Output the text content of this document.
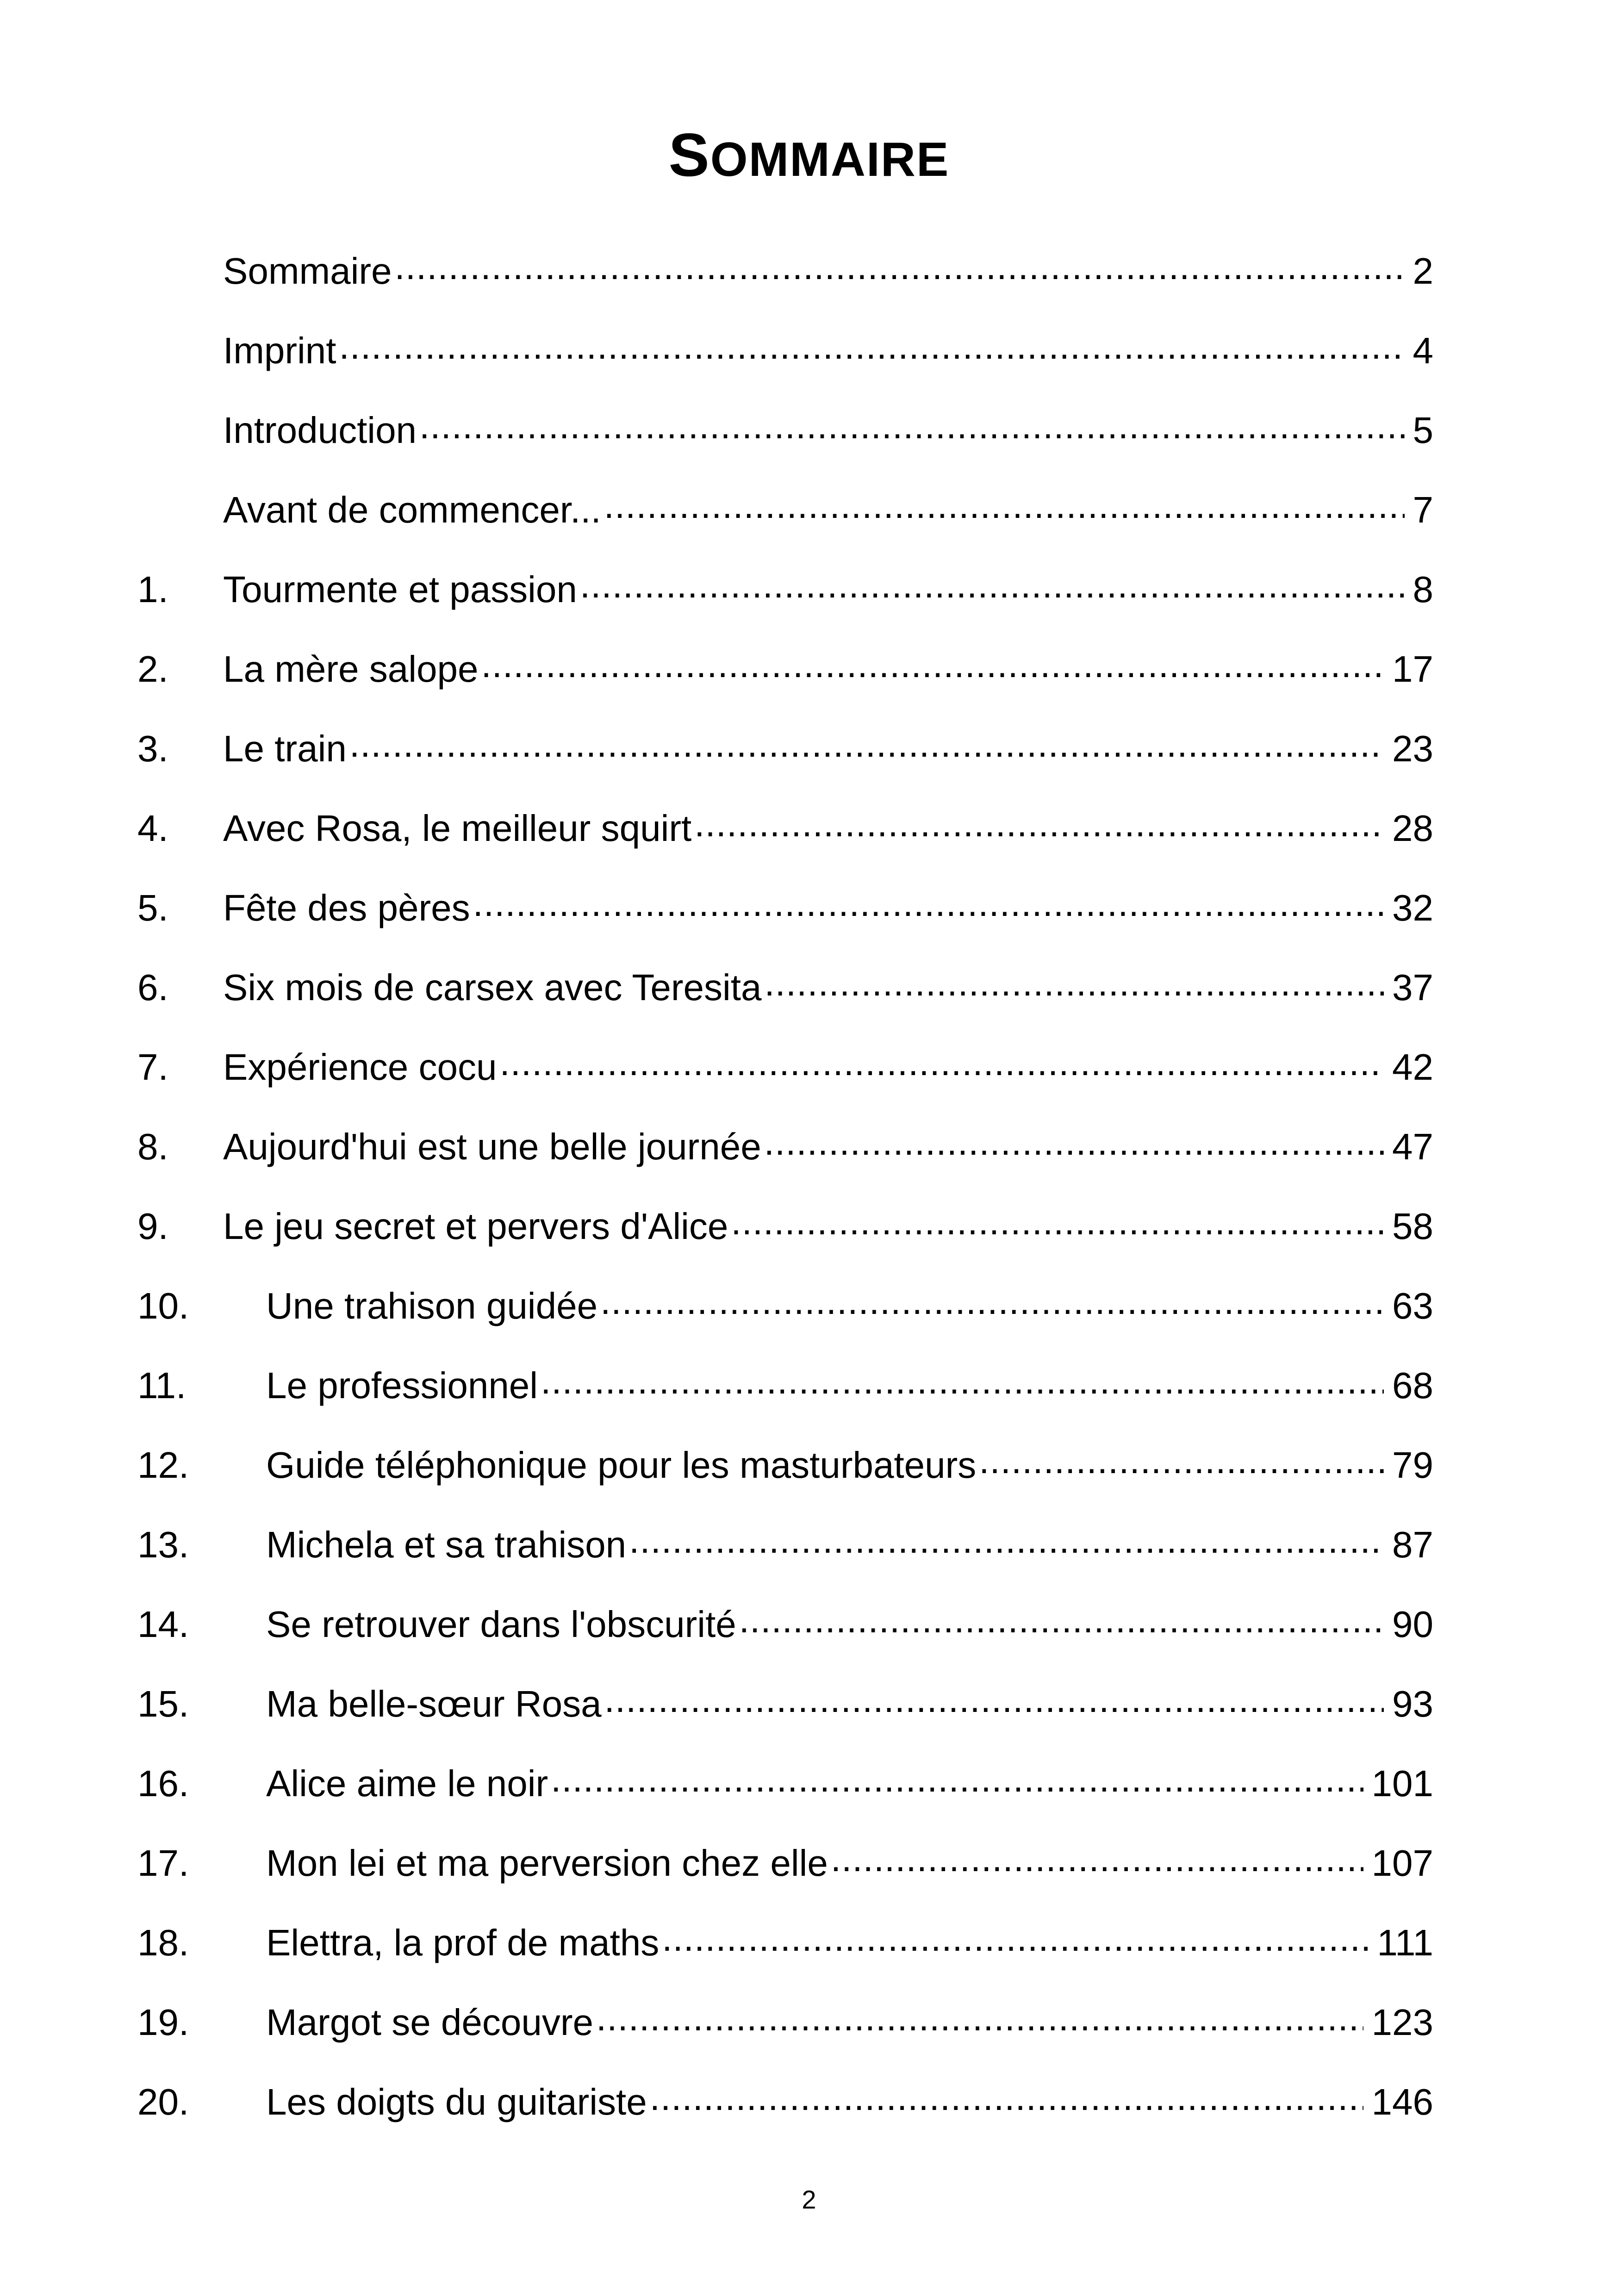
SOMMAIRE
Sommaire .....	2
Imprint .....	4
Introduction .....	5
Avant de commencer... .....	7
1.	Tourmente et passion .....	8
2.	La mère salope .....	17
3.	Le train .....	23
4.	Avec Rosa, le meilleur squirt .....	28
5.	Fête des pères .....	32
6.	Six mois de carsex avec Teresita .....	37
7.	Expérience cocu .....	42
8.	Aujourd'hui est une belle journée .....	47
9.	Le jeu secret et pervers d'Alice .....	58
10.	Une trahison guidée .....	63
11.	Le professionnel .....	68
12.	Guide téléphonique pour les masturbateurs .....	79
13.	Michela et sa trahison .....	87
14.	Se retrouver dans l'obscurité .....	90
15.	Ma belle-sœur Rosa .....	93
16.	Alice aime le noir .....	101
17.	Mon lei et ma perversion chez elle .....	107
18.	Elettra, la prof de maths .....	111
19.	Margot se découvre .....	123
20.	Les doigts du guitariste .....	146
2
